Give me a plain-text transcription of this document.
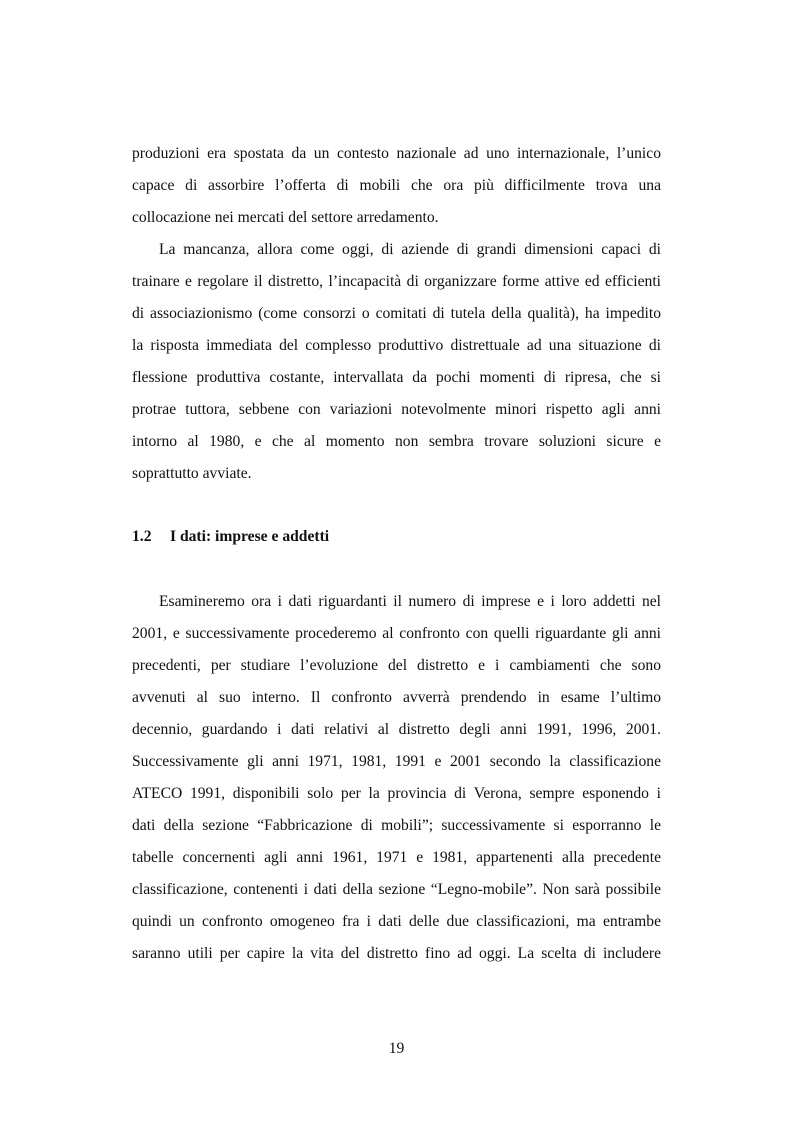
produzioni era spostata da un contesto nazionale ad uno internazionale, l’unico
capace di assorbire l’offerta di mobili che ora più difficilmente trova una
collocazione nei mercati del settore arredamento.
La mancanza, allora come oggi, di aziende di grandi dimensioni capaci di
trainare e regolare il distretto, l’incapacità di organizzare forme attive ed efficienti
di associazionismo (come consorzi o comitati di tutela della qualità), ha impedito
la risposta immediata del complesso produttivo distrettuale ad una situazione di
flessione produttiva costante, intervallata da pochi momenti di ripresa, che si
protrae tuttora, sebbene con variazioni notevolmente minori rispetto agli anni
intorno al 1980, e che al momento non sembra trovare soluzioni sicure e
soprattutto avviate.
1.2 I dati: imprese e addetti
Esamineremo ora i dati riguardanti il numero di imprese e i loro addetti nel
2001, e successivamente procederemo al confronto con quelli riguardante gli anni
precedenti, per studiare l’evoluzione del distretto e i cambiamenti che sono
avvenuti al suo interno. Il confronto avverrà prendendo in esame l’ultimo
decennio, guardando i dati relativi al distretto degli anni 1991, 1996, 2001.
Successivamente gli anni 1971, 1981, 1991 e 2001 secondo la classificazione
ATECO 1991, disponibili solo per la provincia di Verona, sempre esponendo i
dati della sezione “Fabbricazione di mobili”; successivamente si esporranno le
tabelle concernenti agli anni 1961, 1971 e 1981, appartenenti alla precedente
classificazione, contenenti i dati della sezione “Legno-mobile”. Non sarà possibile
quindi un confronto omogeneo fra i dati delle due classificazioni, ma entrambe
saranno utili per capire la vita del distretto fino ad oggi. La scelta di includere
19
